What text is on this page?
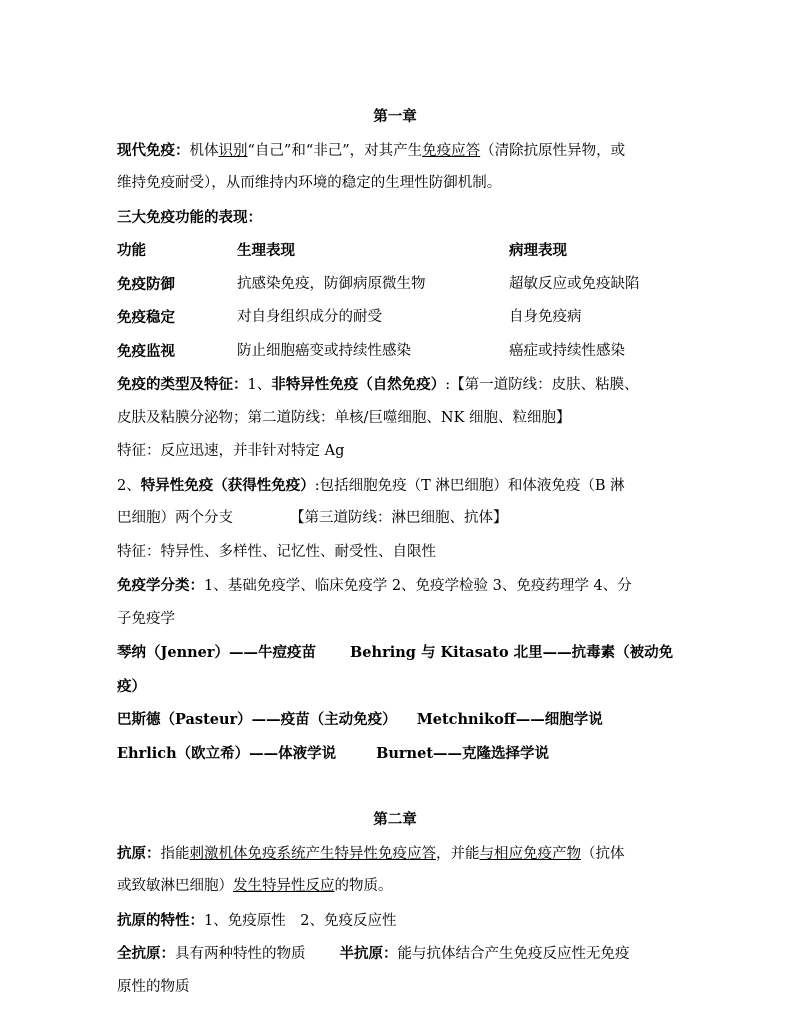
第一章
现代免疫：机体识别“自己”和“非己”，对其产生免疫应答（清除抗原性异物，或
维持免疫耐受），从而维持内环境的稳定的生理性防御机制。
三大免疫功能的表现：
功能	生理表现	病理表现
免疫防御	抗感染免疫，防御病原微生物	超敏反应或免疫缺陷
免疫稳定	对自身组织成分的耐受	自身免疫病
免疫监视	防止细胞癌变或持续性感染	癌症或持续性感染
免疫的类型及特征：1、非特异性免疫（自然免疫）:【第一道防线：皮肤、粘膜、
皮肤及粘膜分泌物；第二道防线：单核/巨噬细胞、NK 细胞、粒细胞】
特征：反应迅速，并非针对特定 Ag
2、特异性免疫（获得性免疫）:包括细胞免疫（T 淋巴细胞）和体液免疫（B 淋
巴细胞）两个分支	【第三道防线：淋巴细胞、抗体】
特征：特异性、多样性、记忆性、耐受性、自限性
免疫学分类：1、基础免疫学、临床免疫学 2、免疫学检验 3、免疫药理学 4、分
子免疫学
琴纳（Jenner）——牛痘疫苗 Behring 与 Kitasato 北里——抗毒素（被动免
疫）
巴斯德（Pasteur）——疫苗（主动免疫） Metchnikoff——细胞学说
Ehrlich（欧立希）——体液学说	Burnet——克隆选择学说
第二章
抗原：指能刺激机体免疫系统产生特异性免疫应答，并能与相应免疫产物（抗体
或致敏淋巴细胞）发生特异性反应的物质。
抗原的特性：1、免疫原性　2、免疫反应性
全抗原：具有两种特性的物质 半抗原：能与抗体结合产生免疫反应性无免疫
原性的物质
